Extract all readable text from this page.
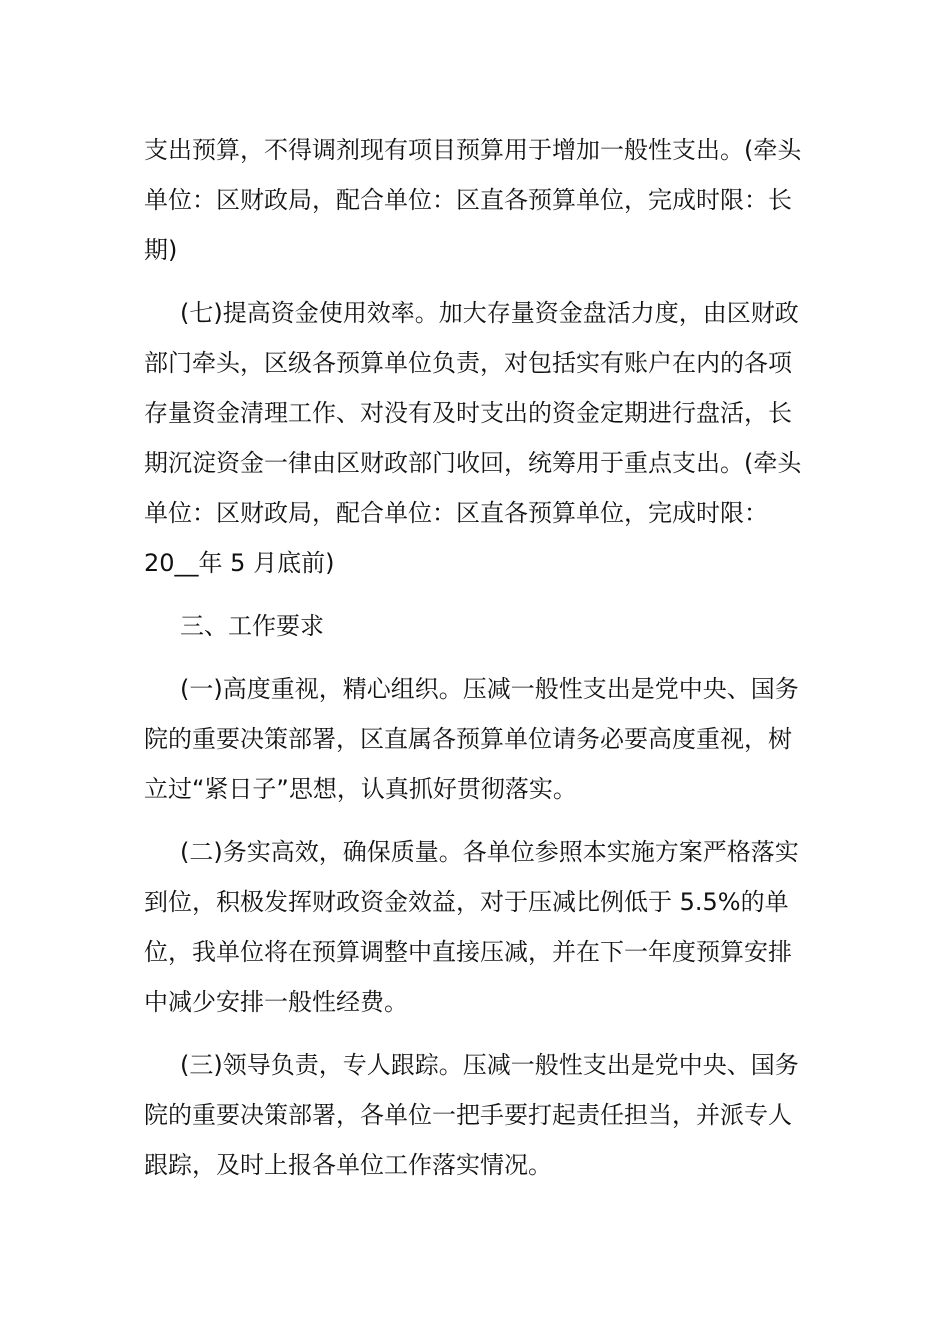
支出预算，不得调剂现有项目预算用于增加一般性支出。(牵头
单位：区财政局，配合单位：区直各预算单位，完成时限：长
期)
(七)提高资金使用效率。加大存量资金盘活力度，由区财政
部门牵头，区级各预算单位负责，对包括实有账户在内的各项
存量资金清理工作、对没有及时支出的资金定期进行盘活，长
期沉淀资金一律由区财政部门收回，统筹用于重点支出。(牵头
单位：区财政局，配合单位：区直各预算单位，完成时限：
20__年 5 月底前)
三、工作要求
(一)高度重视，精心组织。压减一般性支出是党中央、国务
院的重要决策部署，区直属各预算单位请务必要高度重视，树
立过“紧日子”思想，认真抓好贯彻落实。
(二)务实高效，确保质量。各单位参照本实施方案严格落实
到位，积极发挥财政资金效益，对于压减比例低于 5.5%的单
位，我单位将在预算调整中直接压减，并在下一年度预算安排
中减少安排一般性经费。
(三)领导负责，专人跟踪。压减一般性支出是党中央、国务
院的重要决策部署，各单位一把手要打起责任担当，并派专人
跟踪，及时上报各单位工作落实情况。
